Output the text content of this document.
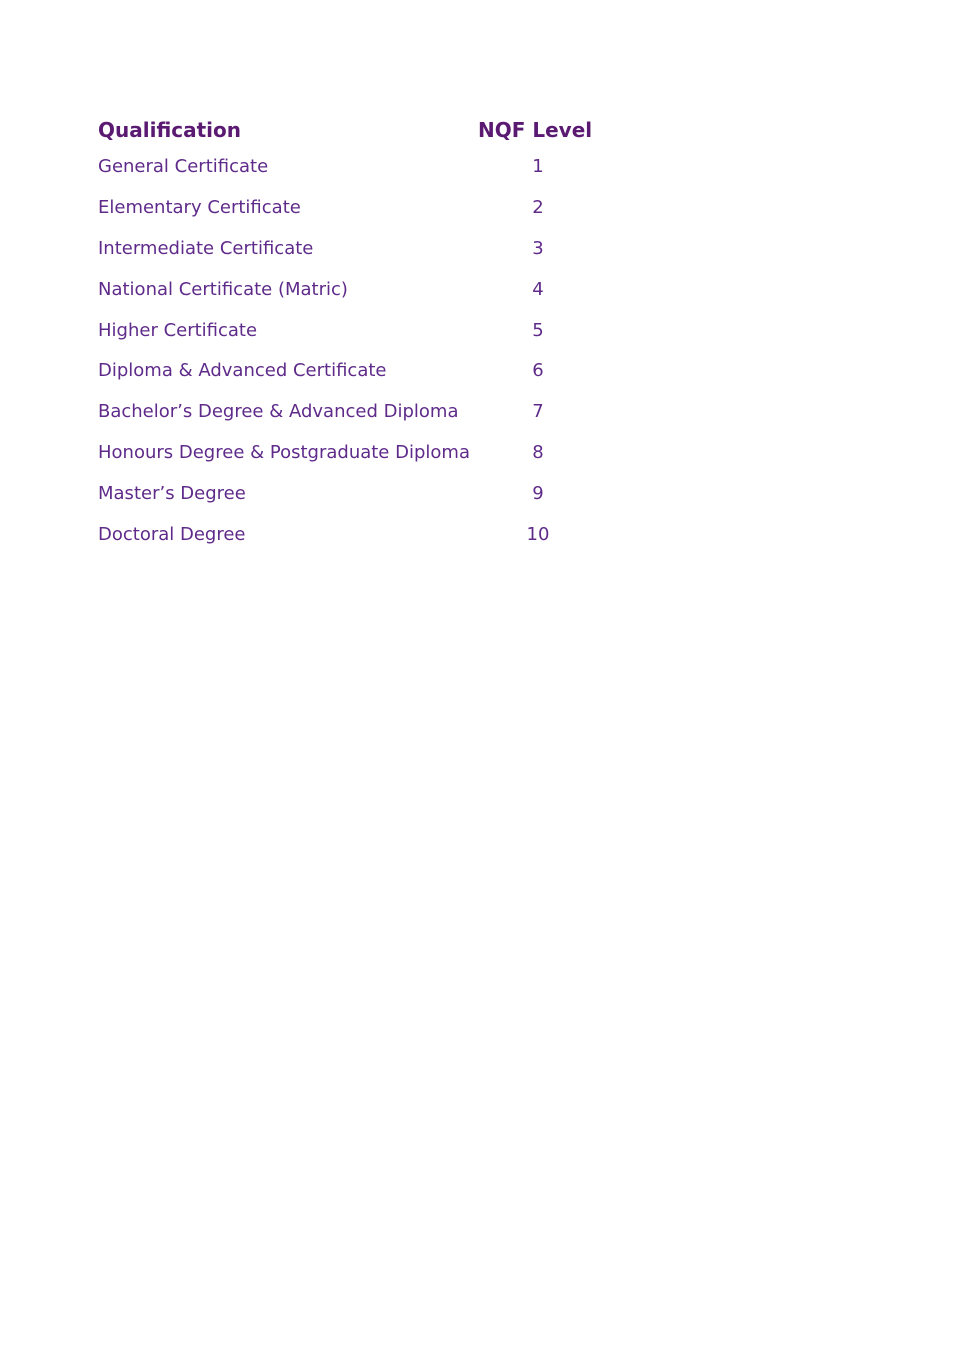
Qualification	NQF Level
General Certificate	1
Elementary Certificate	2
Intermediate Certificate	3
National Certificate (Matric)	4
Higher Certificate	5
Diploma & Advanced Certificate	6
Bachelor’s Degree & Advanced Diploma	7
Honours Degree & Postgraduate Diploma	8
Master’s Degree	9
Doctoral Degree	10
